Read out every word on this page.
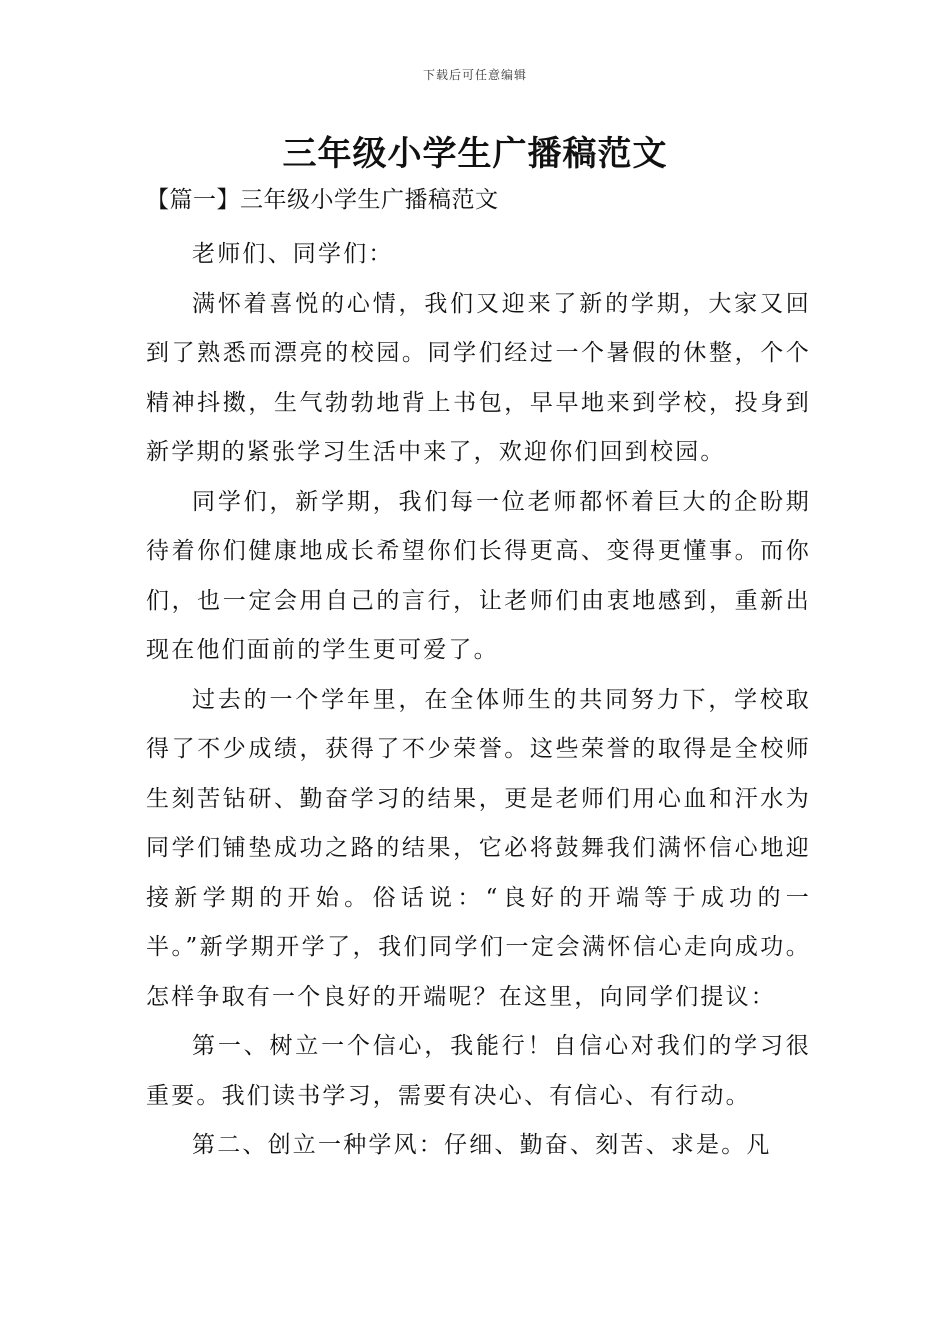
下载后可任意编辑
三年级小学生广播稿范文
【篇一】三年级小学生广播稿范文

老师们、同学们：

满怀着喜悦的心情，我们又迎来了新的学期，大家又回到了熟悉而漂亮的校园。同学们经过一个暑假的休整，个个精神抖擞，生气勃勃地背上书包，早早地来到学校，投身到新学期的紧张学习生活中来了，欢迎你们回到校园。

同学们，新学期，我们每一位老师都怀着巨大的企盼期待着你们健康地成长希望你们长得更高、变得更懂事。而你们，也一定会用自己的言行，让老师们由衷地感到，重新出现在他们面前的学生更可爱了。

过去的一个学年里，在全体师生的共同努力下，学校取得了不少成绩，获得了不少荣誉。这些荣誉的取得是全校师生刻苦钻研、勤奋学习的结果，更是老师们用心血和汗水为同学们铺垫成功之路的结果，它必将鼓舞我们满怀信心地迎接新学期的开始。俗话说：“良好的开端等于成功的一半。”新学期开学了，我们同学们一定会满怀信心走向成功。怎样争取有一个良好的开端呢？在这里，向同学们提议：

第一、树立一个信心，我能行！自信心对我们的学习很重要。我们读书学习，需要有决心、有信心、有行动。

第二、创立一种学风：仔细、勤奋、刻苦、求是。凡
